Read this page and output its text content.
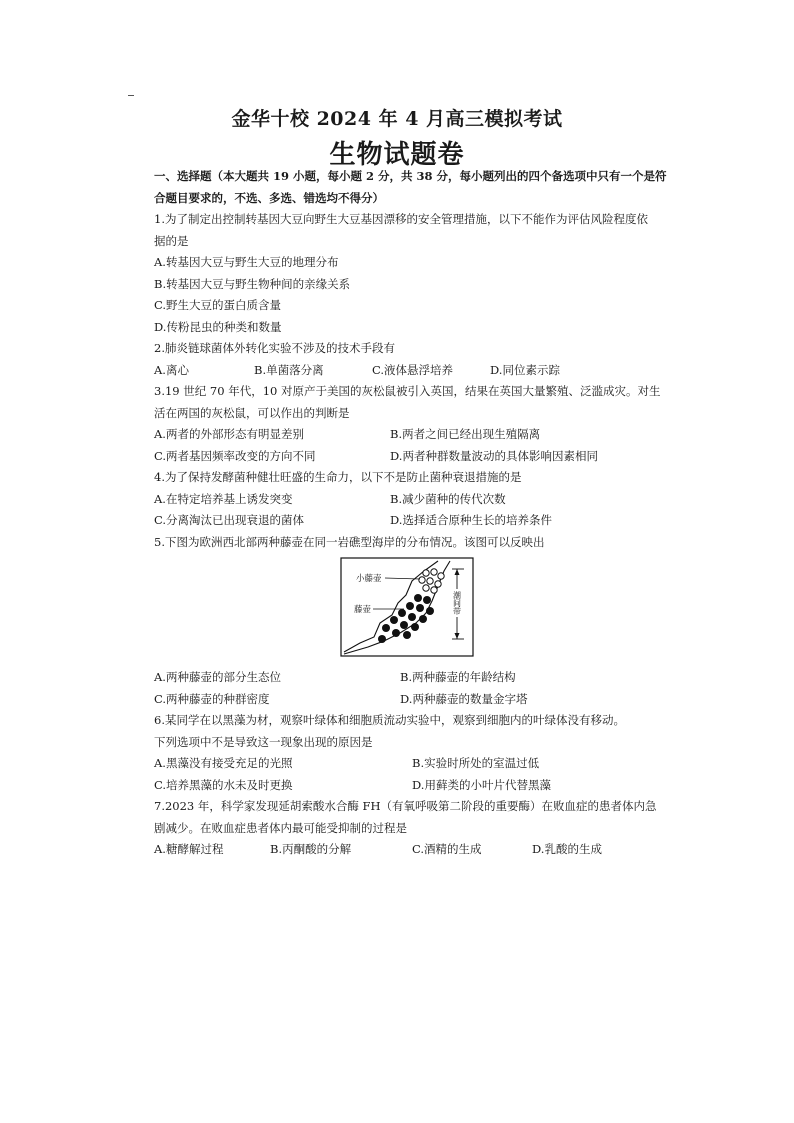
金华十校 2024 年 4 月高三模拟考试
生物试题卷
一、选择题（本大题共 19 小题，每小题 2 分，共 38 分，每小题列出的四个备选项中只有一个是符
合题目要求的，不选、多选、错选均不得分）
1.为了制定出控制转基因大豆向野生大豆基因漂移的安全管理措施，以下不能作为评估风险程度依
据的是
A.转基因大豆与野生大豆的地理分布
B.转基因大豆与野生物种间的亲缘关系
C.野生大豆的蛋白质含量
D.传粉昆虫的种类和数量
2.肺炎链球菌体外转化实验不涉及的技术手段有
A.离心	B.单菌落分离	C.液体悬浮培养	D.同位素示踪
3.19 世纪 70 年代，10 对原产于美国的灰松鼠被引入英国，结果在英国大量繁殖、泛滥成灾。对生
活在两国的灰松鼠，可以作出的判断是
A.两者的外部形态有明显差别	B.两者之间已经出现生殖隔离
C.两者基因频率改变的方向不同	D.两者种群数量波动的具体影响因素相同
4.为了保持发酵菌种健壮旺盛的生命力，以下不是防止菌种衰退措施的是
A.在特定培养基上诱发突变	B.减少菌种的传代次数
C.分离淘汰已出现衰退的菌体	D.选择适合原种生长的培养条件
5.下图为欧洲西北部两种藤壶在同一岩礁型海岸的分布情况。该图可以反映出
小藤壶
藤壶	潮间带
A.两种藤壶的部分生态位	B.两种藤壶的年龄结构
C.两种藤壶的种群密度	D.两种藤壶的数量金字塔
6.某同学在以黑藻为材，观察叶绿体和细胞质流动实验中，观察到细胞内的叶绿体没有移动。
下列选项中不是导致这一现象出现的原因是
A.黑藻没有接受充足的光照	B.实验时所处的室温过低
C.培养黑藻的水未及时更换	D.用藓类的小叶片代替黑藻
7.2023 年，科学家发现延胡索酸水合酶 FH（有氧呼吸第二阶段的重要酶）在败血症的患者体内急
剧减少。在败血症患者体内最可能受抑制的过程是
A.糖酵解过程	B.丙酮酸的分解	C.酒精的生成	D.乳酸的生成
